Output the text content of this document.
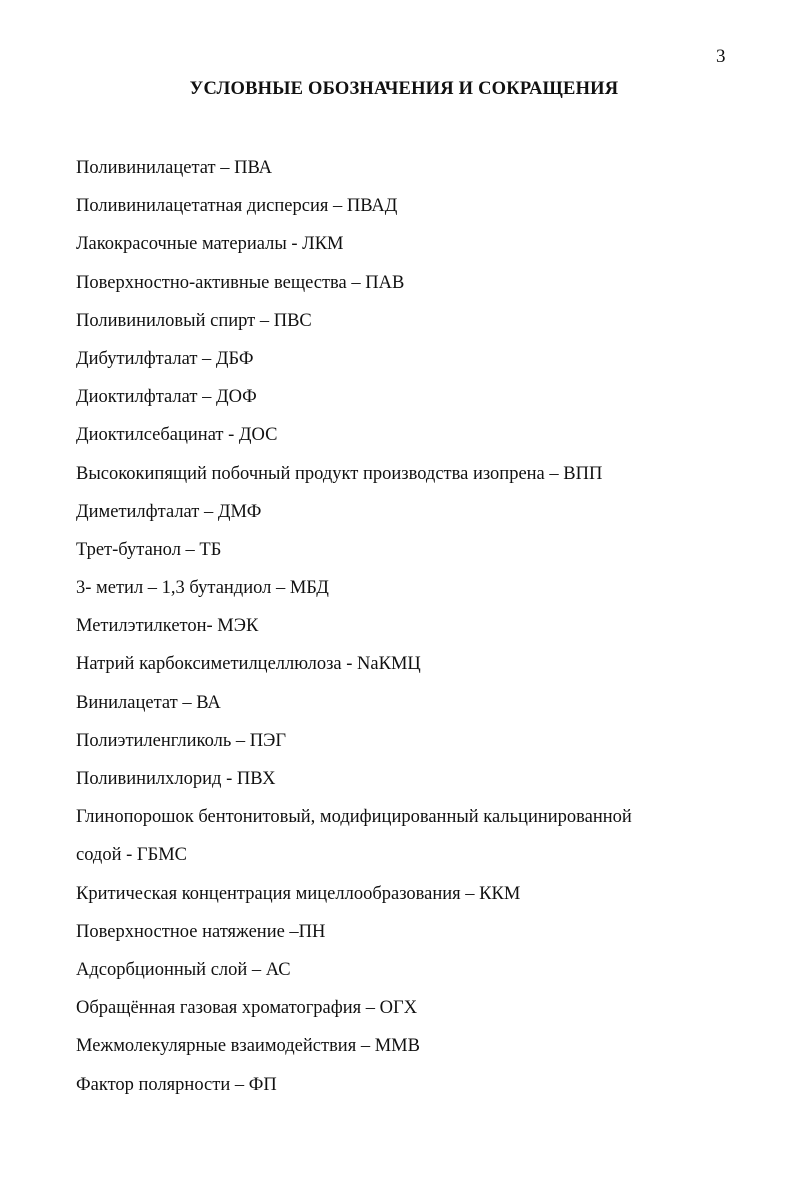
3
УСЛОВНЫЕ ОБОЗНАЧЕНИЯ И СОКРАЩЕНИЯ
Поливинилацетат – ПВА
Поливинилацетатная дисперсия – ПВАД
Лакокрасочные материалы - ЛКМ
Поверхностно-активные вещества – ПАВ
Поливиниловый спирт – ПВС
Дибутилфталат – ДБФ
Диоктилфталат – ДОФ
Диоктилсебацинат - ДОС
Высококипящий побочный продукт производства изопрена – ВПП
Диметилфталат – ДМФ
Трет-бутанол – ТБ
3- метил – 1,3 бутандиол – МБД
Метилэтилкетон- МЭК
Натрий карбоксиметилцеллюлоза - NaКМЦ
Винилацетат – ВА
Полиэтиленгликоль – ПЭГ
Поливинилхлорид - ПВХ
Глинопорошок бентонитовый, модифицированный кальцинированной
содой - ГБМС
Критическая концентрация мицеллообразования – ККМ
Поверхностное натяжение –ПН
Адсорбционный слой – АС
Обращённая газовая хроматография – ОГХ
Межмолекулярные взаимодействия – ММВ
Фактор полярности – ФП
